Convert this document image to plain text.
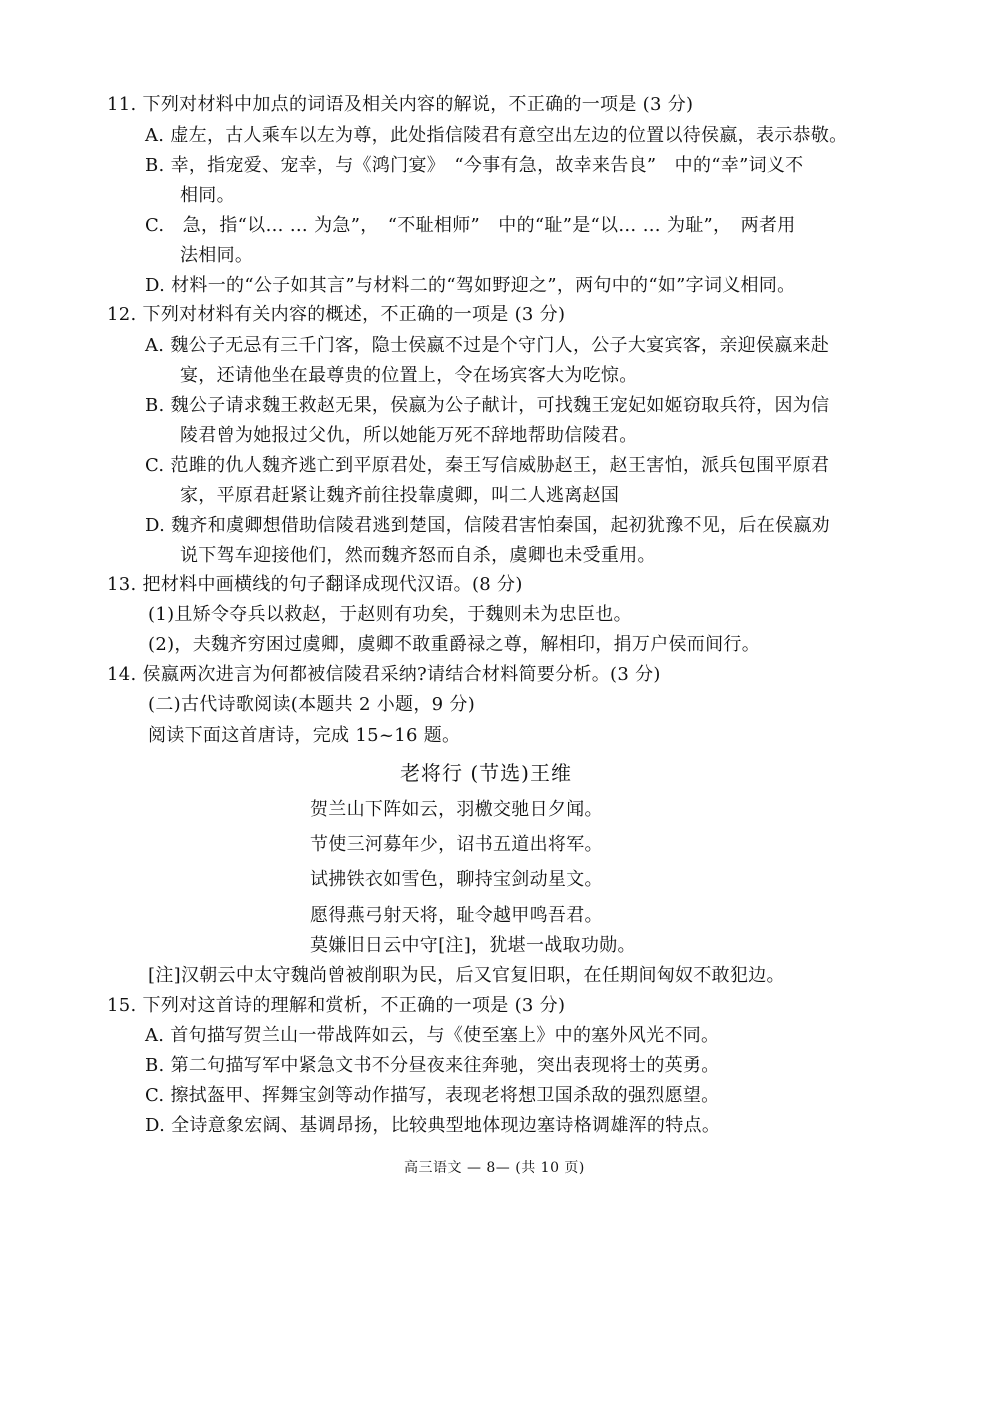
11. 下列对材料中加点的词语及相关内容的解说，不正确的一项是 (3 分)
A. 虚左，古人乘车以左为尊，此处指信陵君有意空出左边的位置以待侯嬴，表示恭敬。
B. 幸，指宠爱、宠幸，与《鸿门宴》　“今事有急，故幸来告良”　中的“幸”词义不
相同。
C.　急，指“以… … 为急”，　“不耻相师”　中的“耻”是“以… … 为耻”，　两者用
法相同。
D. 材料一的“公子如其言”与材料二的“驾如野迎之”，两句中的“如”字词义相同。
12. 下列对材料有关内容的概述，不正确的一项是 (3 分)
A. 魏公子无忌有三千门客，隐士侯嬴不过是个守门人，公子大宴宾客，亲迎侯嬴来赴
宴，还请他坐在最尊贵的位置上，令在场宾客大为吃惊。
B. 魏公子请求魏王救赵无果，侯嬴为公子献计，可找魏王宠妃如姬窃取兵符，因为信
陵君曾为她报过父仇，所以她能万死不辞地帮助信陵君。
C. 范雎的仇人魏齐逃亡到平原君处，秦王写信威胁赵王，赵王害怕，派兵包围平原君
家，平原君赶紧让魏齐前往投靠虞卿，叫二人逃离赵国
D. 魏齐和虞卿想借助信陵君逃到楚国，信陵君害怕秦国，起初犹豫不见，后在侯嬴劝
说下驾车迎接他们，然而魏齐怒而自杀，虞卿也未受重用。
13. 把材料中画横线的句子翻译成现代汉语。(8 分)
(1)且矫令夺兵以救赵，于赵则有功矣，于魏则未为忠臣也。
(2)，夫魏齐穷困过虞卿，虞卿不敢重爵禄之尊，解相印，捐万户侯而间行。
14. 侯嬴两次进言为何都被信陵君采纳?请结合材料简要分析。(3 分)
(二)古代诗歌阅读(本题共 2 小题，9 分)
阅读下面这首唐诗，完成 15~16 题。
老将行 (节选)王维
贺兰山下阵如云，羽檄交驰日夕闻。
节使三河募年少，诏书五道出将军。
试拂铁衣如雪色，聊持宝剑动星文。
愿得燕弓射天将，耻令越甲鸣吾君。
莫嫌旧日云中守[注]，犹堪一战取功勋。
[注]汉朝云中太守魏尚曾被削职为民，后又官复旧职，在任期间匈奴不敢犯边。
15. 下列对这首诗的理解和赏析，不正确的一项是 (3 分)
A. 首句描写贺兰山一带战阵如云，与《使至塞上》中的塞外风光不同。
B. 第二句描写军中紧急文书不分昼夜来往奔驰，突出表现将士的英勇。
C. 擦拭盔甲、挥舞宝剑等动作描写，表现老将想卫国杀敌的强烈愿望。
D. 全诗意象宏阔、基调昂扬，比较典型地体现边塞诗格调雄浑的特点。
高三语文 — 8— (共 10 页)
